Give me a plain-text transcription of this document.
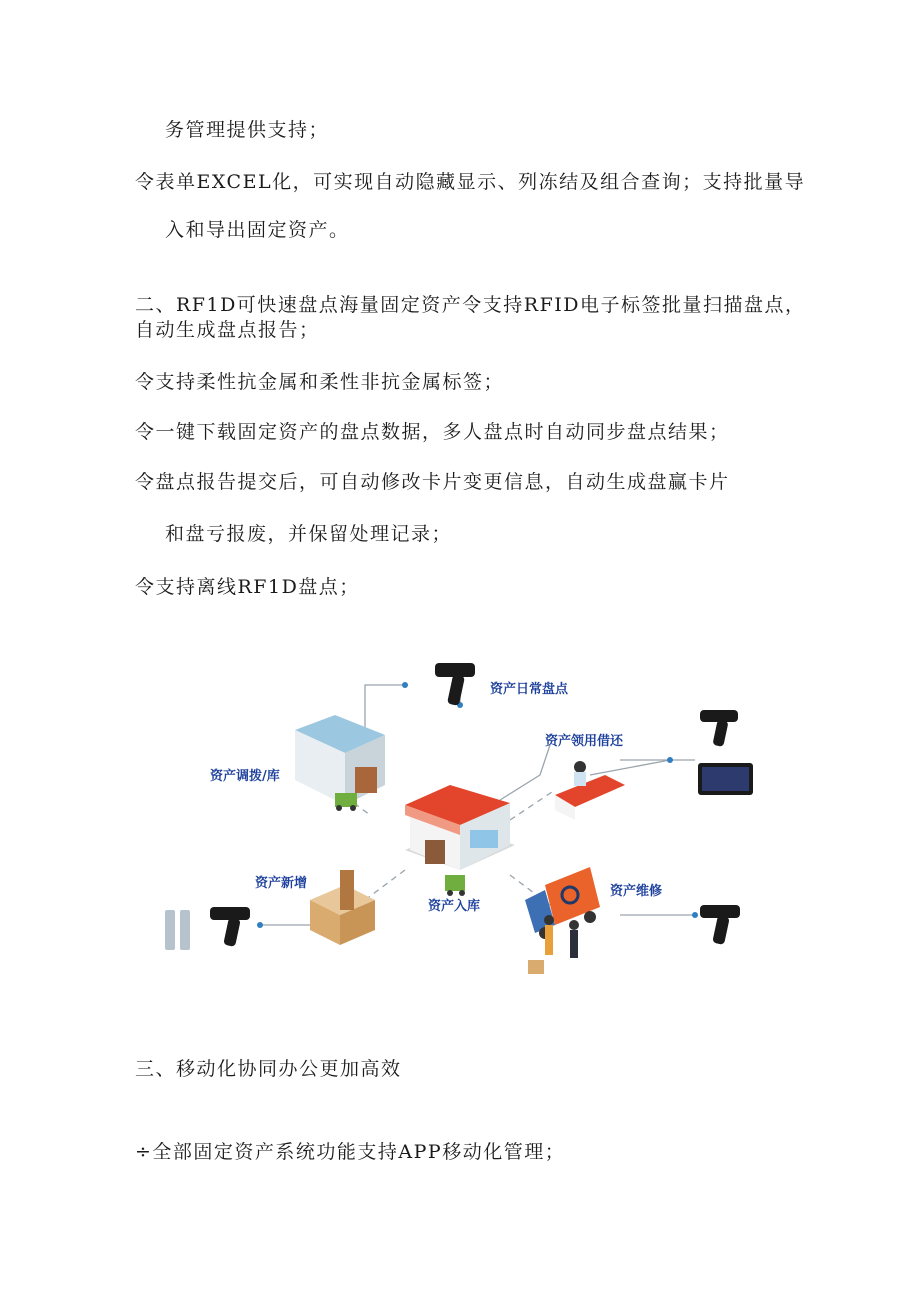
务管理提供支持；
令表单EXCEL化，可实现自动隐藏显示、列冻结及组合查询；支持批量导
入和导出固定资产。
二、RF1D可快速盘点海量固定资产令支持RFID电子标签批量扫描盘点，
自动生成盘点报告；
令支持柔性抗金属和柔性非抗金属标签；
令一键下载固定资产的盘点数据，多人盘点时自动同步盘点结果；
令盘点报告提交后，可自动修改卡片变更信息，自动生成盘赢卡片
和盘亏报废，并保留处理记录；
令支持离线RF1D盘点；
资产日常盘点
资产领用借还
资产调拨/库
资产新增
资产入库
资产维修
三、移动化协同办公更加高效
÷全部固定资产系统功能支持APP移动化管理；
